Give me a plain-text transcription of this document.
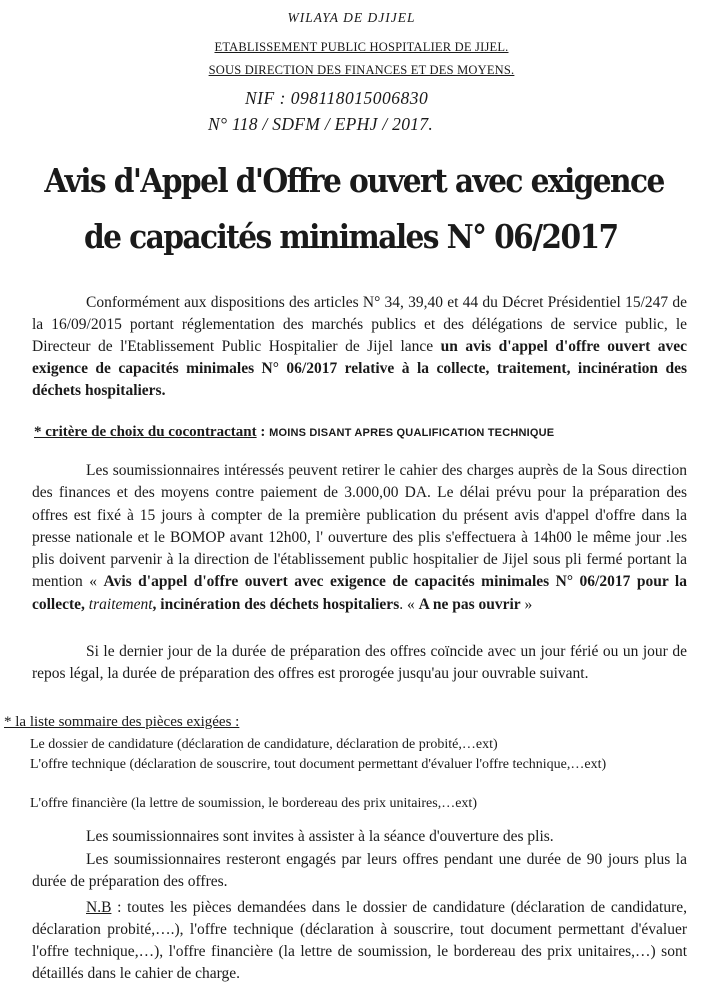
WILAYA DE DJIJEL
ETABLISSEMENT PUBLIC HOSPITALIER DE JIJEL.
SOUS DIRECTION DES FINANCES ET DES MOYENS.
NIF : 098118015006830
N° 118 / SDFM / EPHJ / 2017.
Avis d'Appel d'Offre ouvert avec exigence
de capacités minimales N° 06/2017
Conformément aux dispositions des articles N° 34, 39,40 et 44 du Décret Présidentiel 15/247 de la 16/09/2015 portant réglementation des marchés publics et des délégations de service public, le Directeur de l'Etablissement Public Hospitalier de Jijel lance un avis d'appel d'offre ouvert avec exigence de capacités minimales N° 06/2017 relative à la collecte, traitement, incinération des déchets hospitaliers.
* critère de choix du cocontractant : MOINS DISANT APRES QUALIFICATION TECHNIQUE
Les soumissionnaires intéressés peuvent retirer le cahier des charges auprès de la Sous direction des finances et des moyens contre paiement de 3.000,00 DA. Le délai prévu pour la préparation des offres est fixé à 15 jours à compter de la première publication du présent avis d'appel d'offre dans la presse nationale et le BOMOP avant 12h00, l' ouverture des plis s'effectuera à 14h00 le même jour .les plis doivent parvenir à la direction de l'établissement public hospitalier de Jijel sous pli fermé portant la mention « Avis d'appel d'offre ouvert avec exigence de capacités minimales N° 06/2017 pour la collecte, traitement, incinération des déchets hospitaliers. « A ne pas ouvrir »
Si le dernier jour de la durée de préparation des offres coïncide avec un jour férié ou un jour de repos légal, la durée de préparation des offres est prorogée jusqu'au jour ouvrable suivant.
* la liste sommaire des pièces exigées :
Le dossier de candidature (déclaration de candidature, déclaration de probité,…ext)
L'offre technique (déclaration de souscrire, tout document permettant d'évaluer l'offre technique,…ext)
L'offre financière (la lettre de soumission, le bordereau des prix unitaires,…ext)
Les soumissionnaires sont invites à assister à la séance d'ouverture des plis.
Les soumissionnaires resteront engagés par leurs offres pendant une durée de 90 jours plus la durée de préparation des offres.
N.B : toutes les pièces demandées dans le dossier de candidature (déclaration de candidature, déclaration probité,….), l'offre technique (déclaration à souscrire, tout document permettant d'évaluer l'offre technique,…), l'offre financière (la lettre de soumission, le bordereau des prix unitaires,…) sont détaillés dans le cahier de charge.
